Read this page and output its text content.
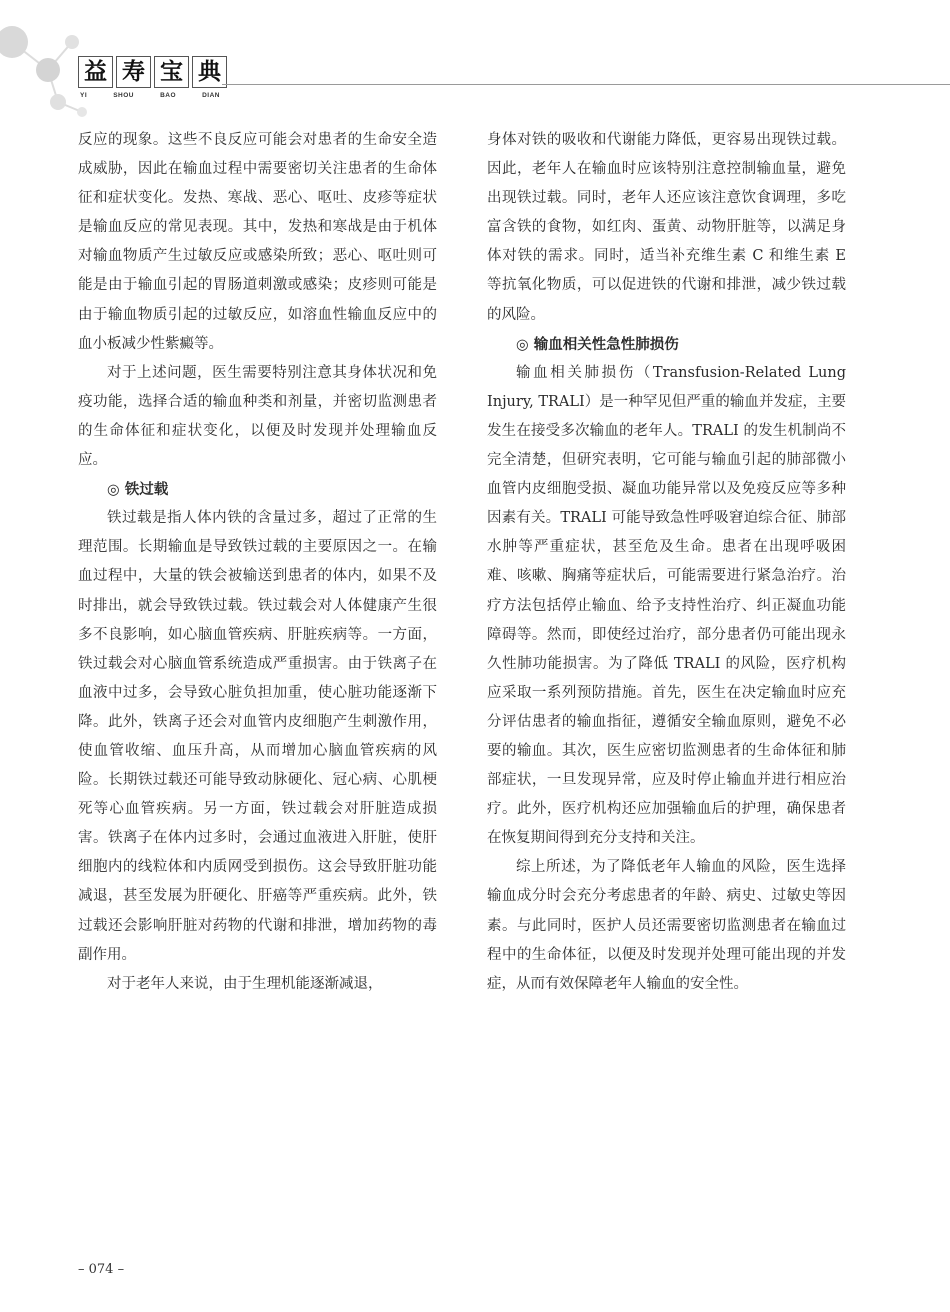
益 寿 宝 典
YI	SHOU	BAO	DIAN

反应的现象。这些不良反应可能会对患者的生命安全造成威胁，因此在输血过程中需要密切关注患者的生命体征和症状变化。发热、寒战、恶心、呕吐、皮疹等症状是输血反应的常见表现。其中，发热和寒战是由于机体对输血物质产生过敏反应或感染所致；恶心、呕吐则可能是由于输血引起的胃肠道刺激或感染；皮疹则可能是由于输血物质引起的过敏反应，如溶血性输血反应中的血小板减少性紫癜等。

对于上述问题，医生需要特别注意其身体状况和免疫功能，选择合适的输血种类和剂量，并密切监测患者的生命体征和症状变化，以便及时发现并处理输血反应。

◎ 铁过载

铁过载是指人体内铁的含量过多，超过了正常的生理范围。长期输血是导致铁过载的主要原因之一。在输血过程中，大量的铁会被输送到患者的体内，如果不及时排出，就会导致铁过载。铁过载会对人体健康产生很多不良影响，如心脑血管疾病、肝脏疾病等。一方面，铁过载会对心脑血管系统造成严重损害。由于铁离子在血液中过多，会导致心脏负担加重，使心脏功能逐渐下降。此外，铁离子还会对血管内皮细胞产生刺激作用，使血管收缩、血压升高，从而增加心脑血管疾病的风险。长期铁过载还可能导致动脉硬化、冠心病、心肌梗死等心血管疾病。另一方面，铁过载会对肝脏造成损害。铁离子在体内过多时，会通过血液进入肝脏，使肝细胞内的线粒体和内质网受到损伤。这会导致肝脏功能减退，甚至发展为肝硬化、肝癌等严重疾病。此外，铁过载还会影响肝脏对药物的代谢和排泄，增加药物的毒副作用。

对于老年人来说，由于生理机能逐渐减退，

身体对铁的吸收和代谢能力降低，更容易出现铁过载。因此，老年人在输血时应该特别注意控制输血量，避免出现铁过载。同时，老年人还应该注意饮食调理，多吃富含铁的食物，如红肉、蛋黄、动物肝脏等，以满足身体对铁的需求。同时，适当补充维生素 C 和维生素 E 等抗氧化物质，可以促进铁的代谢和排泄，减少铁过载的风险。

◎ 输血相关性急性肺损伤

输血相关肺损伤（Transfusion-Related Lung Injury, TRALI）是一种罕见但严重的输血并发症，主要发生在接受多次输血的老年人。TRALI 的发生机制尚不完全清楚，但研究表明，它可能与输血引起的肺部微小血管内皮细胞受损、凝血功能异常以及免疫反应等多种因素有关。TRALI 可能导致急性呼吸窘迫综合征、肺部水肿等严重症状，甚至危及生命。患者在出现呼吸困难、咳嗽、胸痛等症状后，可能需要进行紧急治疗。治疗方法包括停止输血、给予支持性治疗、纠正凝血功能障碍等。然而，即使经过治疗，部分患者仍可能出现永久性肺功能损害。为了降低 TRALI 的风险，医疗机构应采取一系列预防措施。首先，医生在决定输血时应充分评估患者的输血指征，遵循安全输血原则，避免不必要的输血。其次，医生应密切监测患者的生命体征和肺部症状，一旦发现异常，应及时停止输血并进行相应治疗。此外，医疗机构还应加强输血后的护理，确保患者在恢复期间得到充分支持和关注。

综上所述，为了降低老年人输血的风险，医生选择输血成分时会充分考虑患者的年龄、病史、过敏史等因素。与此同时，医护人员还需要密切监测患者在输血过程中的生命体征，以便及时发现并处理可能出现的并发症，从而有效保障老年人输血的安全性。

– 074 –
